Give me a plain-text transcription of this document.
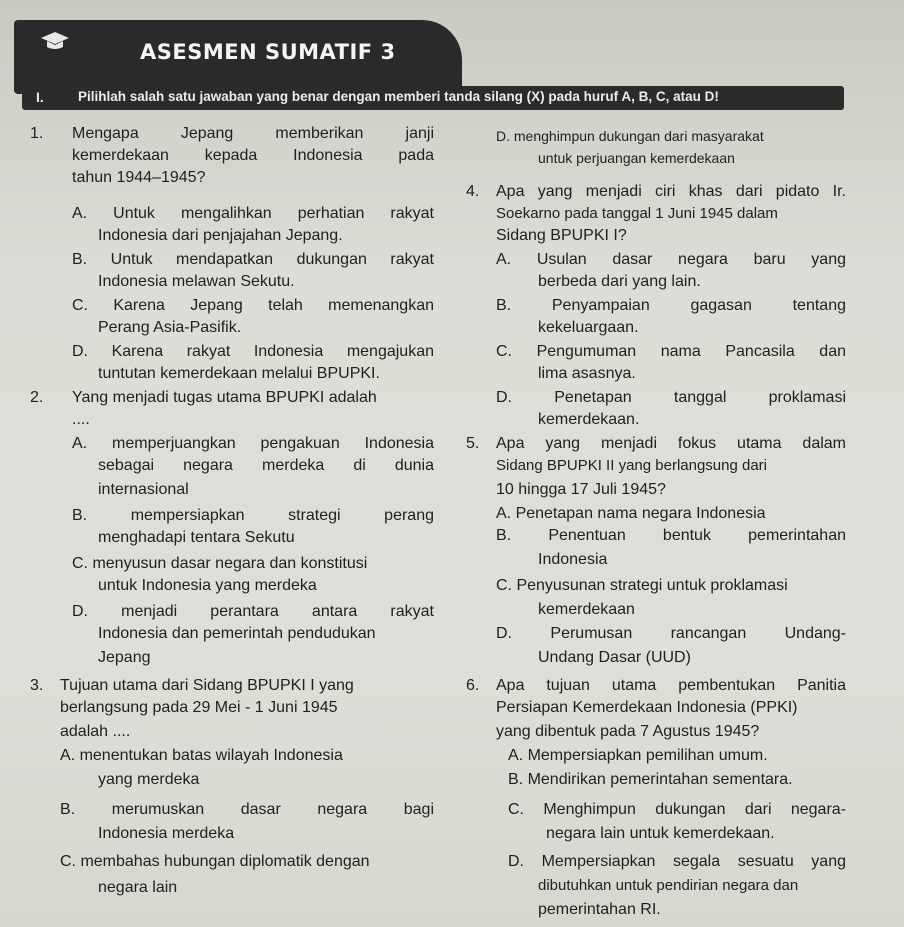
ASESMEN SUMATIF 3
I.	Pilihlah salah satu jawaban yang benar dengan memberi tanda silang (X) pada huruf A, B, C, atau D!
1. Mengapa Jepang memberikan janji
kemerdekaan kepada Indonesia pada
tahun 1944–1945?
A. Untuk mengalihkan perhatian rakyat
Indonesia dari penjajahan Jepang.
B. Untuk mendapatkan dukungan rakyat
Indonesia melawan Sekutu.
C. Karena Jepang telah memenangkan
Perang Asia-Pasifik.
D. Karena rakyat Indonesia mengajukan
tuntutan kemerdekaan melalui BPUPKI.
2. Yang menjadi tugas utama BPUPKI adalah
....
A. memperjuangkan pengakuan Indonesia
sebagai negara merdeka di dunia
internasional
B. mempersiapkan strategi perang
menghadapi tentara Sekutu
C. menyusun dasar negara dan konstitusi
untuk Indonesia yang merdeka
D. menjadi perantara antara rakyat
Indonesia dan pemerintah pendudukan
Jepang
3. Tujuan utama dari Sidang BPUPKI I yang
berlangsung pada 29 Mei - 1 Juni 1945
adalah ....
A. menentukan batas wilayah Indonesia
yang merdeka
B. merumuskan dasar negara bagi
Indonesia merdeka
C. membahas hubungan diplomatik dengan
negara lain
D. menghimpun dukungan dari masyarakat
untuk perjuangan kemerdekaan
4. Apa yang menjadi ciri khas dari pidato Ir.
Soekarno pada tanggal 1 Juni 1945 dalam
Sidang BPUPKI I?
A. Usulan dasar negara baru yang
berbeda dari yang lain.
B. Penyampaian gagasan tentang
kekeluargaan.
C. Pengumuman nama Pancasila dan
lima asasnya.
D. Penetapan tanggal proklamasi
kemerdekaan.
5. Apa yang menjadi fokus utama dalam
Sidang BPUPKI II yang berlangsung dari
10 hingga 17 Juli 1945?
A. Penetapan nama negara Indonesia
B. Penentuan bentuk pemerintahan
Indonesia
C. Penyusunan strategi untuk proklamasi
kemerdekaan
D. Perumusan rancangan Undang-
Undang Dasar (UUD)
6. Apa tujuan utama pembentukan Panitia
Persiapan Kemerdekaan Indonesia (PPKI)
yang dibentuk pada 7 Agustus 1945?
A. Mempersiapkan pemilihan umum.
B. Mendirikan pemerintahan sementara.
C. Menghimpun dukungan dari negara-
negara lain untuk kemerdekaan.
D. Mempersiapkan segala sesuatu yang
dibutuhkan untuk pendirian negara dan
pemerintahan RI.
